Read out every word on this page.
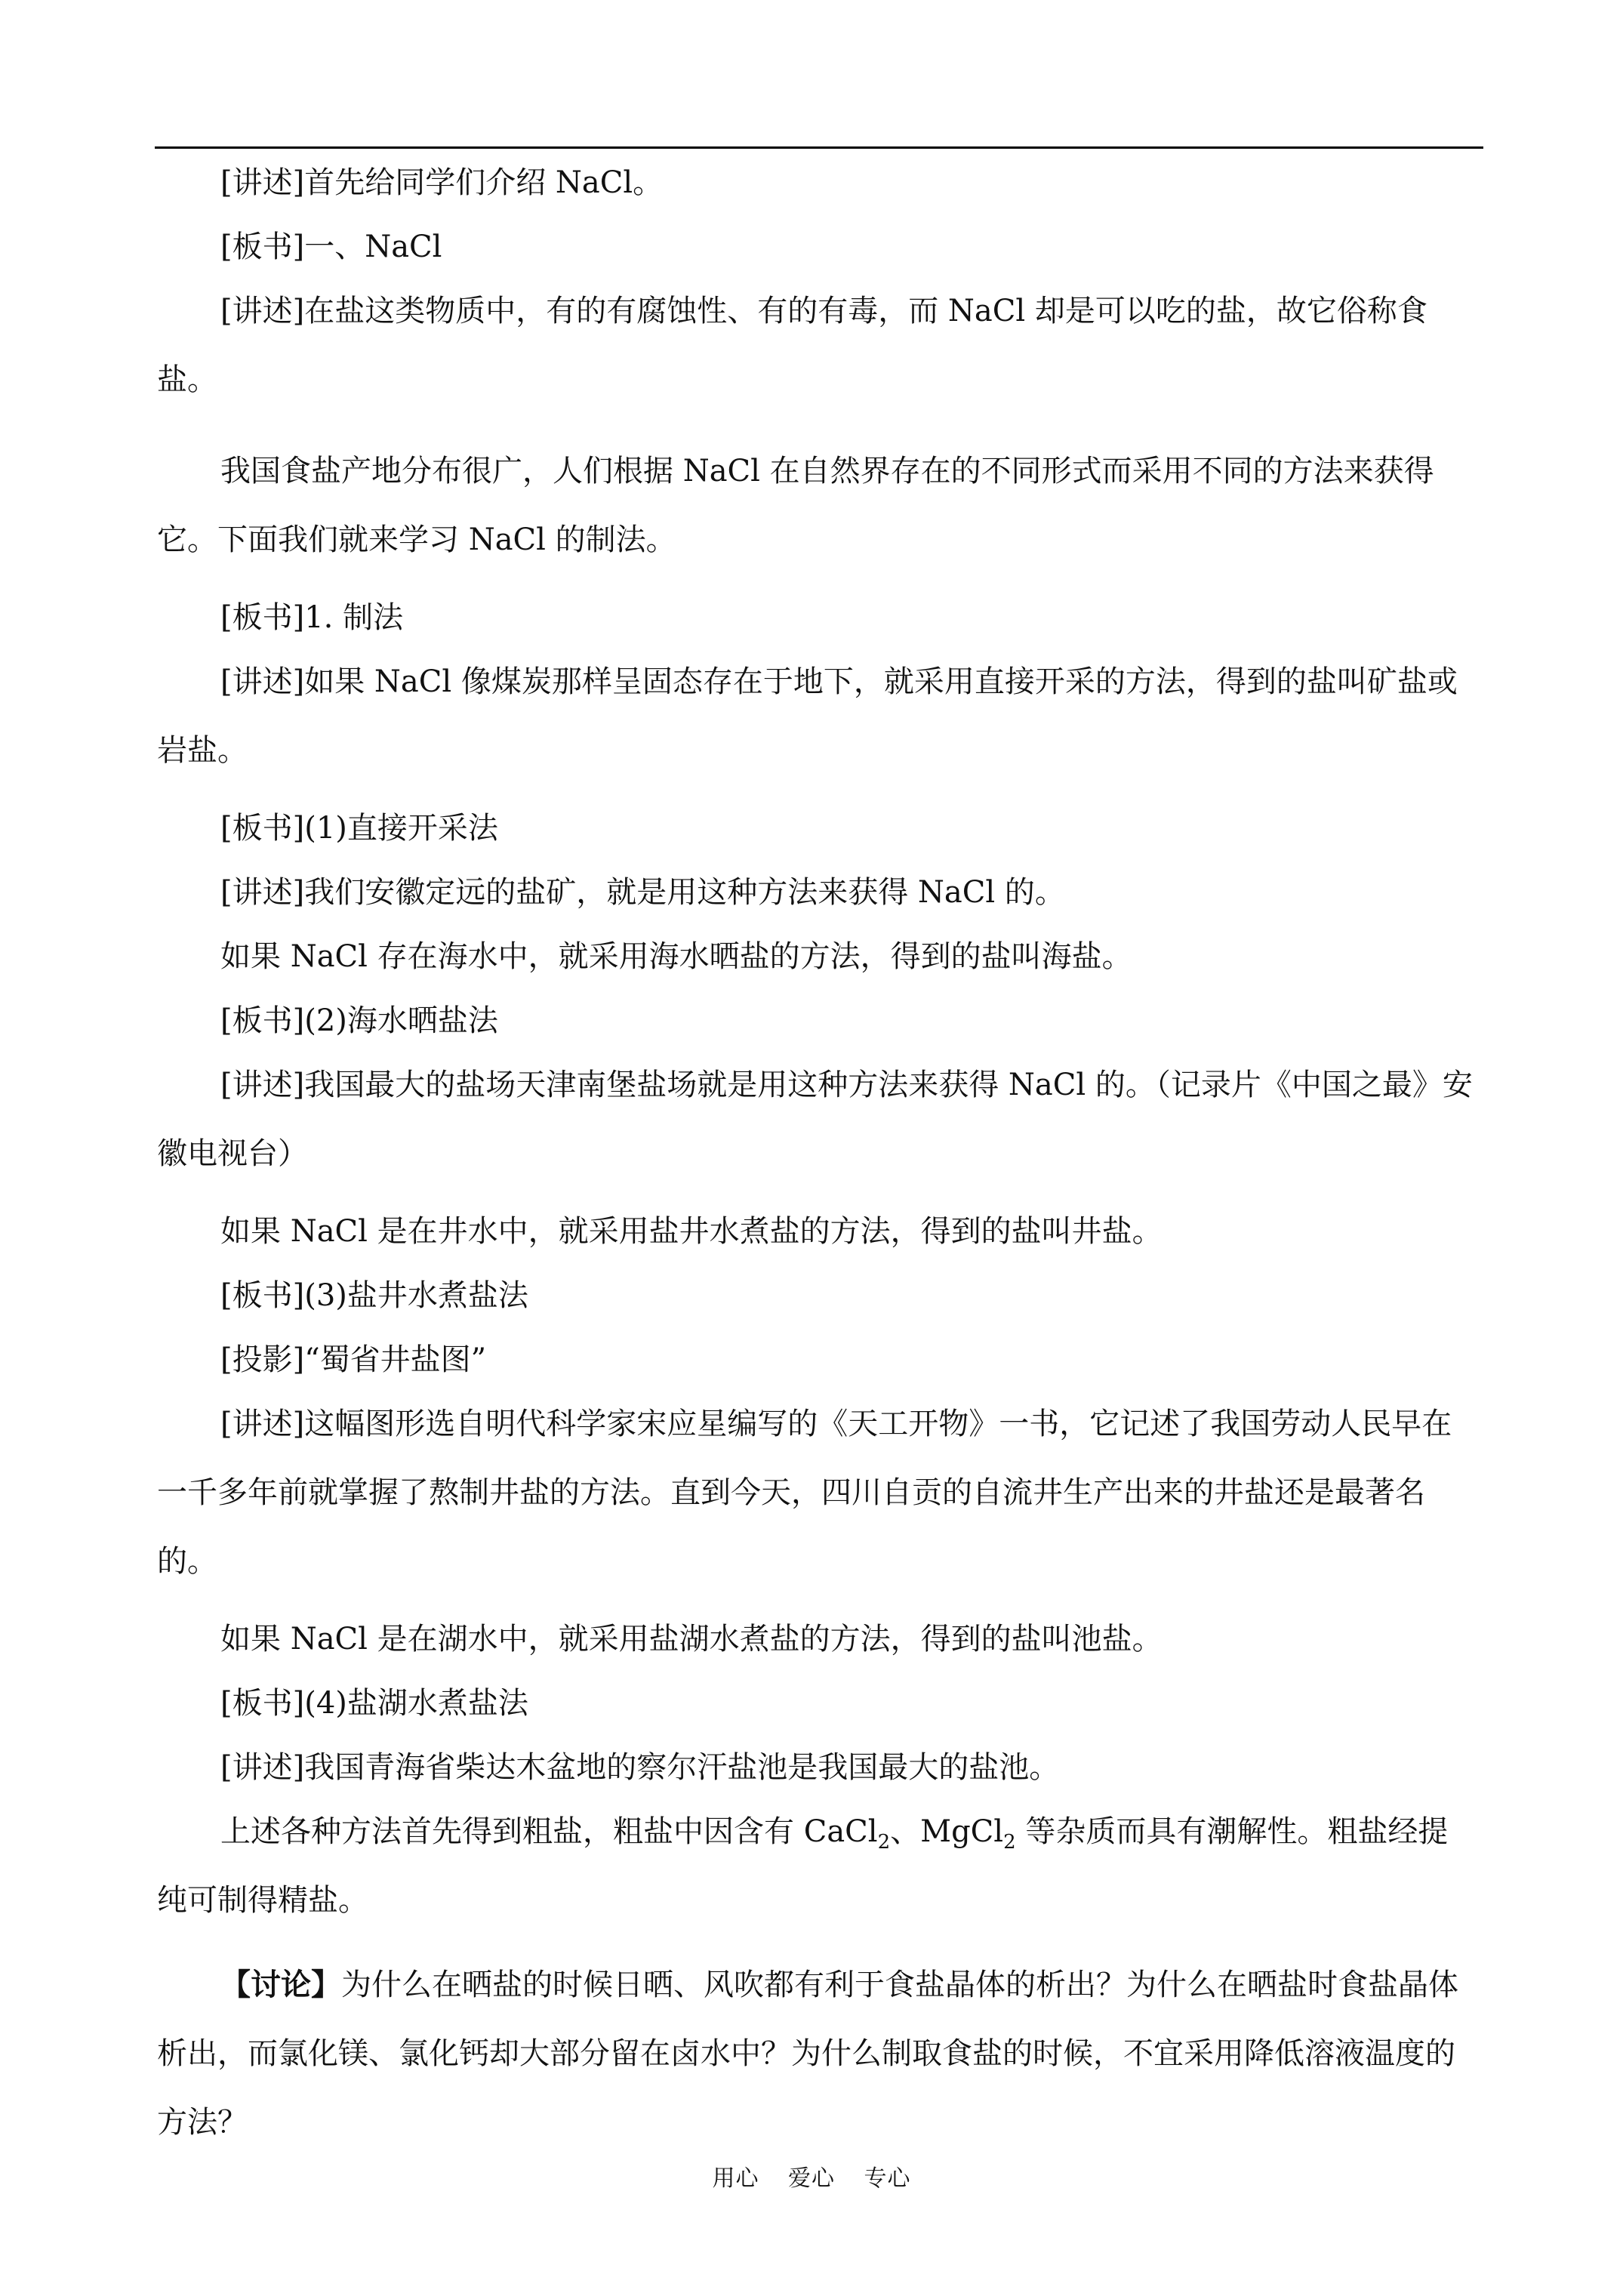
[讲述]首先给同学们介绍 NaCl。

[板书]一、NaCl

[讲述]在盐这类物质中，有的有腐蚀性、有的有毒，而 NaCl 却是可以吃的盐，故它俗称食盐。

我国食盐产地分布很广，人们根据 NaCl 在自然界存在的不同形式而采用不同的方法来获得它。下面我们就来学习 NaCl 的制法。

[板书]1. 制法

[讲述]如果 NaCl 像煤炭那样呈固态存在于地下，就采用直接开采的方法，得到的盐叫矿盐或岩盐。

[板书](1)直接开采法

[讲述]我们安徽定远的盐矿，就是用这种方法来获得 NaCl 的。

如果 NaCl 存在海水中，就采用海水晒盐的方法，得到的盐叫海盐。

[板书](2)海水晒盐法

[讲述]我国最大的盐场天津南堡盐场就是用这种方法来获得 NaCl 的。（记录片《中国之最》安徽电视台）

如果 NaCl 是在井水中，就采用盐井水煮盐的方法，得到的盐叫井盐。

[板书](3)盐井水煮盐法

[投影]“蜀省井盐图”

[讲述]这幅图形选自明代科学家宋应星编写的《天工开物》一书，它记述了我国劳动人民早在一千多年前就掌握了熬制井盐的方法。直到今天，四川自贡的自流井生产出来的井盐还是最著名的。

如果 NaCl 是在湖水中，就采用盐湖水煮盐的方法，得到的盐叫池盐。

[板书](4)盐湖水煮盐法

[讲述]我国青海省柴达木盆地的察尔汗盐池是我国最大的盐池。

上述各种方法首先得到粗盐，粗盐中因含有 CaCl$_2$、MgCl$_2$ 等杂质而具有潮解性。粗盐经提纯可制得精盐。

【讨论】为什么在晒盐的时候日晒、风吹都有利于食盐晶体的析出？为什么在晒盐时食盐晶体析出，而氯化镁、氯化钙却大部分留在卤水中？为什么制取食盐的时候，不宜采用降低溶液温度的方法？

用心 爱心 专心
